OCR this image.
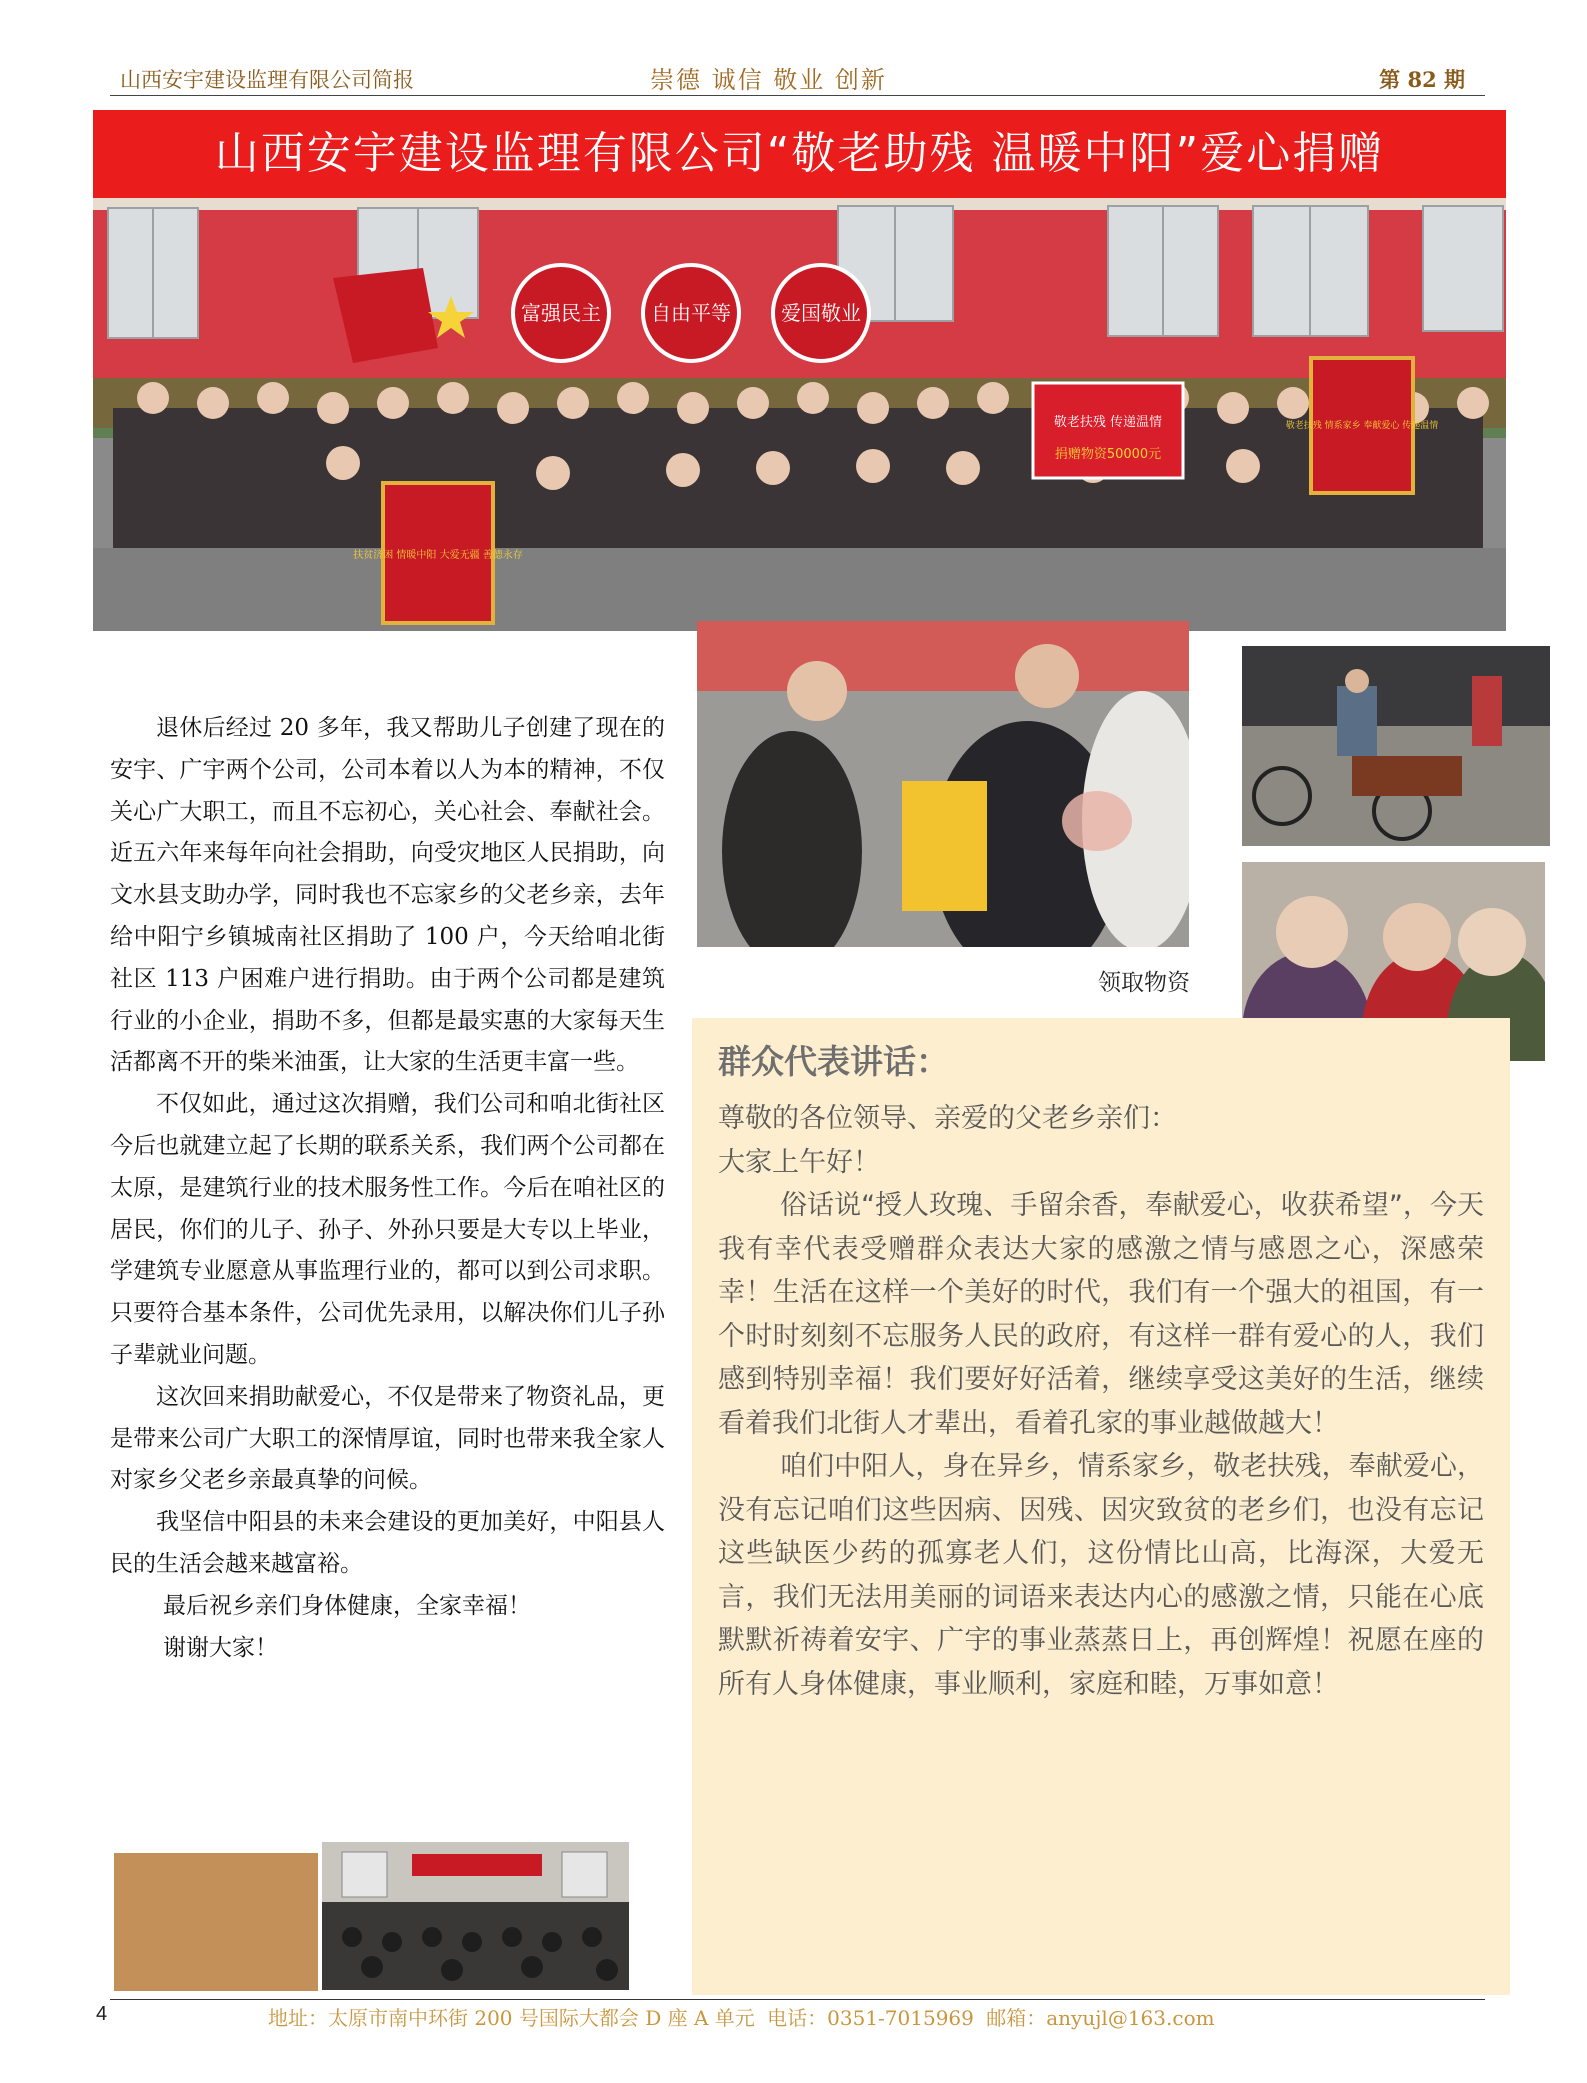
山西安宇建设监理有限公司简报	崇德 诚信 敬业 创新	第 82 期
山西安宇建设监理有限公司“敬老助残 温暖中阳”爱心捐赠
富强民主	自由平等	爱国敬业
扶贫济困 情暖中阳 大爱无疆 善德永存
敬老扶残 情系家乡 奉献爱心 传递温情
敬老扶残 传递温情
捐赠物资50000元
领取物资

退休后经过 20 多年，我又帮助儿子创建了现在的安宇、广宇两个公司，公司本着以人为本的精神，不仅关心广大职工，而且不忘初心，关心社会、奉献社会。近五六年来每年向社会捐助，向受灾地区人民捐助，向文水县支助办学，同时我也不忘家乡的父老乡亲，去年给中阳宁乡镇城南社区捐助了 100 户，今天给咱北街社区 113 户困难户进行捐助。由于两个公司都是建筑行业的小企业，捐助不多，但都是最实惠的大家每天生活都离不开的柴米油蛋，让大家的生活更丰富一些。

不仅如此，通过这次捐赠，我们公司和咱北街社区今后也就建立起了长期的联系关系，我们两个公司都在太原，是建筑行业的技术服务性工作。今后在咱社区的居民，你们的儿子、孙子、外孙只要是大专以上毕业，学建筑专业愿意从事监理行业的，都可以到公司求职。只要符合基本条件，公司优先录用，以解决你们儿子孙子辈就业问题。

这次回来捐助献爱心，不仅是带来了物资礼品，更是带来公司广大职工的深情厚谊，同时也带来我全家人对家乡父老乡亲最真挚的问候。

我坚信中阳县的未来会建设的更加美好，中阳县人民的生活会越来越富裕。

最后祝乡亲们身体健康，全家幸福！

谢谢大家！

群众代表讲话：

尊敬的各位领导、亲爱的父老乡亲们：

大家上午好！

俗话说“授人玫瑰、手留余香，奉献爱心，收获希望”，今天我有幸代表受赠群众表达大家的感激之情与感恩之心，深感荣幸！生活在这样一个美好的时代，我们有一个强大的祖国，有一个时时刻刻不忘服务人民的政府，有这样一群有爱心的人，我们感到特别幸福！我们要好好活着，继续享受这美好的生活，继续看着我们北街人才辈出，看着孔家的事业越做越大！

咱们中阳人，身在异乡，情系家乡，敬老扶残，奉献爱心，没有忘记咱们这些因病、因残、因灾致贫的老乡们，也没有忘记这些缺医少药的孤寡老人们，这份情比山高，比海深，大爱无言，我们无法用美丽的词语来表达内心的感激之情，只能在心底默默祈祷着安宇、广宇的事业蒸蒸日上，再创辉煌！祝愿在座的所有人身体健康，事业顺利，家庭和睦，万事如意！

4	地址：太原市南中环街 200 号国际大都会 D 座 A 单元 电话：0351-7015969 邮箱：anyujl@163.com
